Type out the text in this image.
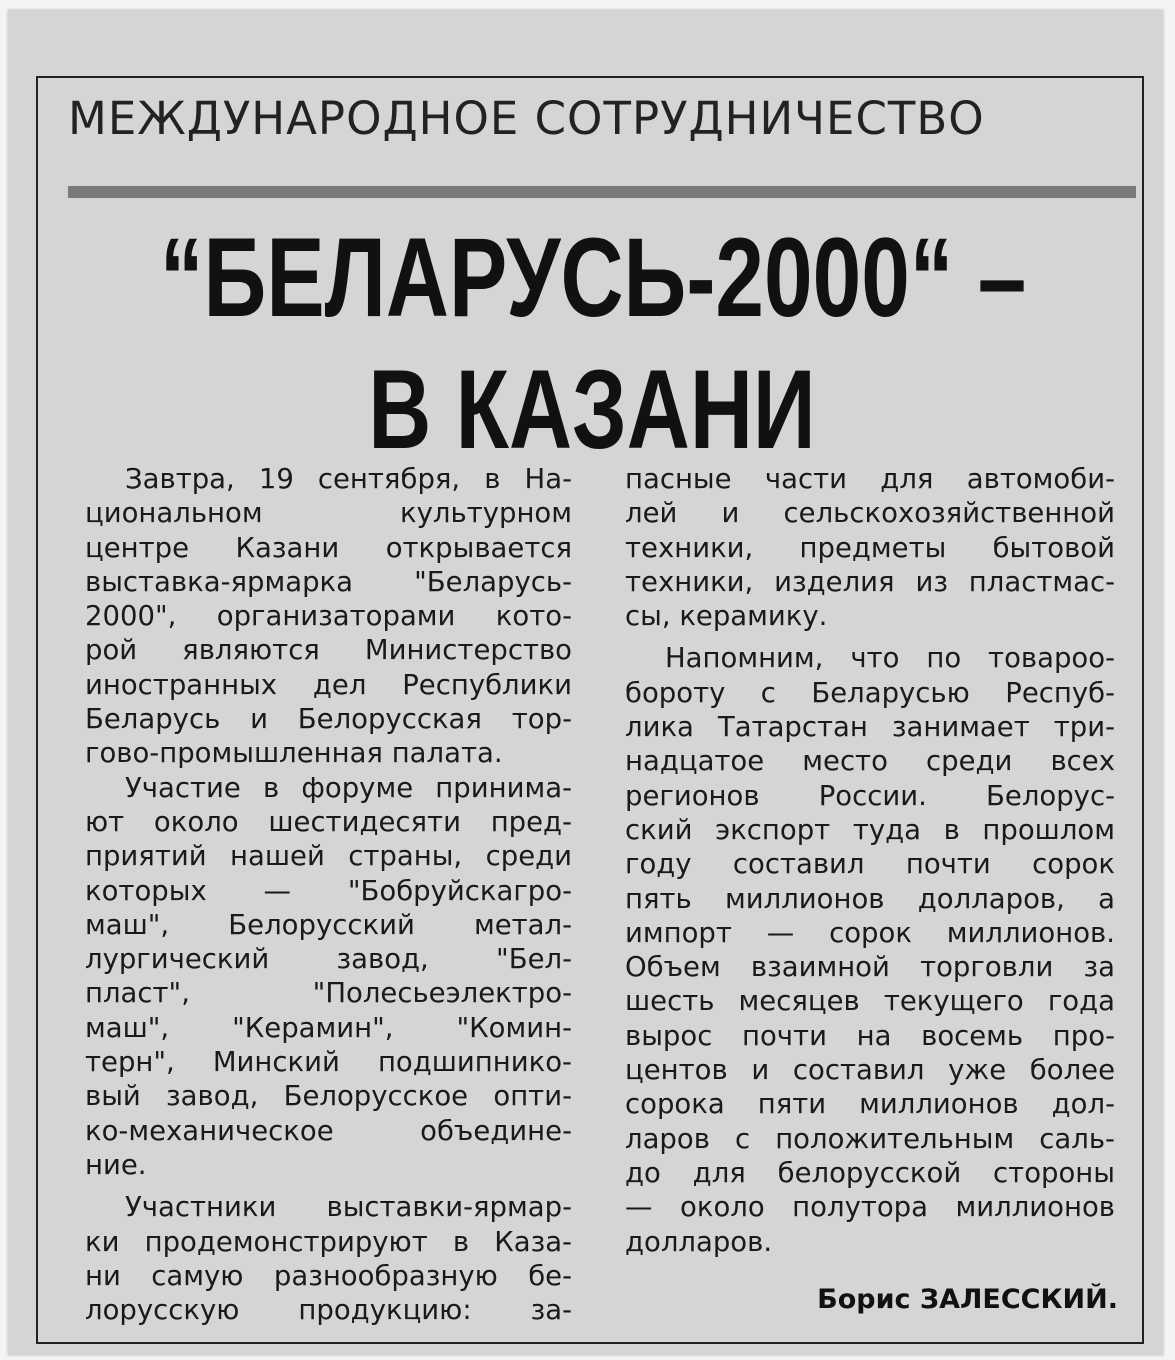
МЕЖДУНАРОДНОЕ СОТРУДНИЧЕСТВО
“БЕЛАРУСЬ-2000“ –
В КАЗАНИ

Завтра, 19 сентября, в На-

циональном культурном

центре Казани открывается

выставка-ярмарка "Беларусь-

2000", организаторами кото-

рой являются Министерство

иностранных дел Республики

Беларусь и Белорусская тор-

гово-промышленная палата.

Участие в форуме принима-

ют около шестидесяти пред-

приятий нашей страны, среди

которых — "Бобруйскагро-

маш", Белорусский метал-

лургический завод, "Бел-

пласт", "Полесьеэлектро-

маш", "Керамин", "Комин-

терн", Минский подшипнико-

вый завод, Белорусское опти-

ко-механическое объедине-

ние.

Участники выставки-ярмар-

ки продемонстрируют в Каза-

ни самую разнообразную бе-

лорусскую продукцию: за-

пасные части для автомоби-

лей и сельскохозяйственной

техники, предметы бытовой

техники, изделия из пластмас-

сы, керамику.

Напомним, что по товароо-

бороту с Беларусью Респуб-

лика Татарстан занимает три-

надцатое место среди всех

регионов России. Белорус-

ский экспорт туда в прошлом

году составил почти сорок

пять миллионов долларов, а

импорт — сорок миллионов.

Объем взаимной торговли за

шесть месяцев текущего года

вырос почти на восемь про-

центов и составил уже более

сорока пяти миллионов дол-

ларов с положительным саль-

до для белорусской стороны

— около полутора миллионов

долларов.

Борис ЗАЛЕССКИЙ.
